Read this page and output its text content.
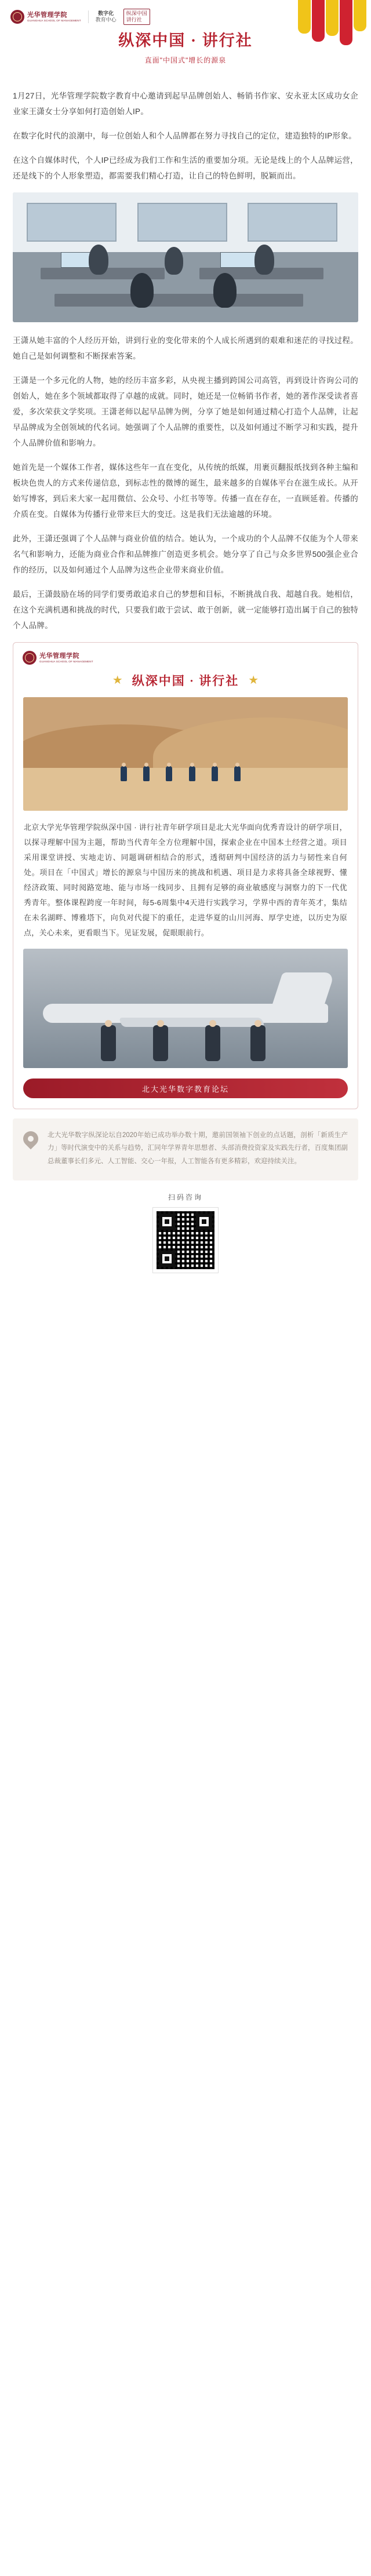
光华管理学院
GUANGHUA SCHOOL OF MANAGEMENT
数字化
教育中心
纵深中国
讲行社
纵深中国 · 讲行社
直面"中国式"增长的源泉

1月27日，光华管理学院数字教育中心邀请到起早品牌创始人、畅销书作家、安永亚太区成功女企业家王潇女士分享如何打造创始人IP。

在数字化时代的浪潮中，每一位创始人和个人品牌都在努力寻找自己的定位，建造独特的IP形象。

在这个自媒体时代，个人IP已经成为我们工作和生活的重要加分项。无论是线上的个人品牌运营，还是线下的个人形象塑造，都需要我们精心打造，让自己的特色鲜明，脱颖而出。

王潇从她丰富的个人经历开始，讲到行业的变化带来的个人成长所遇到的艰难和迷茫的寻找过程。她自己是如何调整和不断探索答案。

王潇是一个多元化的人物，她的经历丰富多彩，从央视主播到跨国公司高管，再到设计咨询公司的创始人，她在多个领域都取得了卓越的成就。同时，她还是一位畅销书作者，她的著作深受读者喜爱，多次荣获文学奖项。王潇老师以起早品牌为例，分享了她是如何通过精心打造个人品牌，让起早品牌成为全创领域的代名词。她强调了个人品牌的重要性，以及如何通过不断学习和实践，提升个人品牌价值和影响力。

她首先是一个媒体工作者，媒体这些年一直在变化，从传统的纸媒，用裹页翻报纸找到各种主编和板块色贵人的方式来传递信息，到标志性的微博的诞生，最来越多的自媒体平台在滋生成长。从开始写博客，到后来大家一起用微信、公众号、小红书等等。传播一直在存在，一直顾延着。传播的介质在变。自媒体为传播行业带来巨大的变迁。这是我们无法逾越的环境。

此外，王潇还强调了个人品牌与商业价值的结合。她认为，一个成功的个人品牌不仅能为个人带来名气和影响力，还能为商业合作和品牌推广创造更多机会。她分享了自己与众多世界500强企业合作的经历，以及如何通过个人品牌为这些企业带来商业价值。

最后，王潇鼓励在场的同学们要勇敢追求自己的梦想和目标，不断挑战自我、超越自我。她相信，在这个充满机遇和挑战的时代，只要我们敢于尝试、敢于创新，就一定能够打造出属于自己的独特个人品牌。

光华管理学院
GUANGHUA SCHOOL OF MANAGEMENT
★ 纵深中国 · 讲行社 ★

北京大学光华管理学院纵深中国 · 讲行社青年研学项目是北大光华面向优秀青设计的研学项目，以探寻理解中国为主题，帮助当代青年全方位理解中国，探索企业在中国本土经营之道。项目采用课堂讲授、实地走访、同题调研相结合的形式，透彻研判中国经济的活力与韧性来自何处。项目在「中国式」增长的源泉与中国历来的挑战和机遇、项目是力求将具备全球视野、懂经济政策、同时阅路宽地、能与市场一线同步、且拥有足够的商业敏感度与洞察力的下一代优秀青年。整体课程跨度一年时间，每5-6周集中4天进行实践学习，学界中西的青年英才，集结在未名湖畔、博雅塔下，向负对代提下的重任，走进华夏的山川河海、厚学史迹，以历史为原点，关心未来，更看眼当下。见证发展，促眼眼前行。

北大光华数字教育论坛

北大光华数字纵深论坛自2020年始已成功举办数十期，邀前国领袖下创业的点话题，剖析「新质生产力」等时代演变中的关系与趋势，汇同年学界青年思想者、头部消费投资家及实践先行者，百度集团副总裁董事长们多元、人工智能、交心一年报，人工智能各有更多精彩，欢迎持续关注。

扫码咨询
